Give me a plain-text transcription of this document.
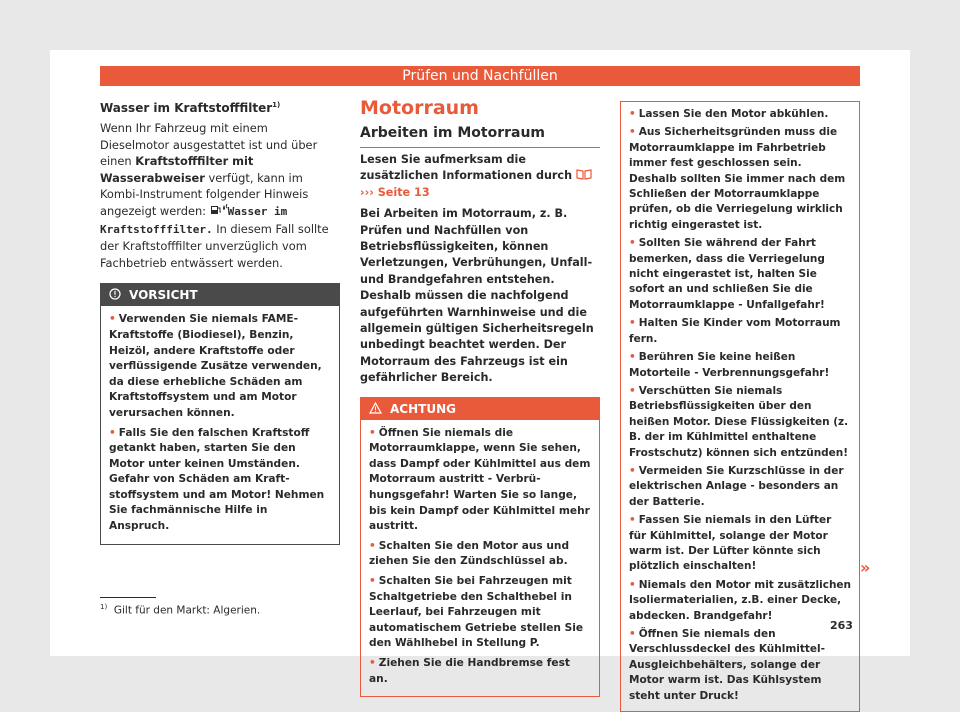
Prüfen und Nachfüllen

Wasser im Kraftstofffilter$^{1)}$

Wenn Ihr Fahrzeug mit einem Dieselmotor ausgestattet ist und über einen Kraftstofffilter mit Wasserabweiser verfügt, kann im Kombi-Instrument folgender Hinweis angezeigt werden: Wasser im Kraftstofffilter. In diesem Fall sollte der Kraftstofffilter unverzüglich vom Fachbetrieb entwässert werden.

VORSICHT

• Verwenden Sie niemals FAME-Kraftstoffe (Biodiesel), Benzin, Heizöl, andere Kraftstoffe oder verflüssigende Zusätze verwenden, da diese erhebliche Schäden am Kraftstoffsystem und am Motor verursachen können.

• Falls Sie den falschen Kraftstoff getankt haben, starten Sie den Motor unter keinen Umständen. Gefahr von Schäden am Kraftstoffsystem und am Motor! Nehmen Sie fachmännische Hilfe in Anspruch.

Motorraum
Arbeiten im Motorraum

Lesen Sie aufmerksam die zusätzlichen Informationen durch  ››› Seite 13

Bei Arbeiten im Motorraum, z. B. Prüfen und Nachfüllen von Betriebsflüssigkeiten, können Verletzungen, Verbrühungen, Unfall- und Brandgefahren entstehen. Deshalb müssen die nachfolgend aufgeführten Warnhinweise und die allgemein gültigen Sicherheitsregeln unbedingt beachtet werden. Der Motorraum des Fahrzeugs ist ein gefährlicher Bereich.

ACHTUNG

• Öffnen Sie niemals die Motorraumklappe, wenn Sie sehen, dass Dampf oder Kühlmittel aus dem Motorraum austritt - Verbrühungsgefahr! Warten Sie so lange, bis kein Dampf oder Kühlmittel mehr austritt.

• Schalten Sie den Motor aus und ziehen Sie den Zündschlüssel ab.

• Schalten Sie bei Fahrzeugen mit Schaltgetriebe den Schalthebel in Leerlauf, bei Fahrzeugen mit automatischem Getriebe stellen Sie den Wählhebel in Stellung P.

• Ziehen Sie die Handbremse fest an.

• Lassen Sie den Motor abkühlen.

• Aus Sicherheitsgründen muss die Motorraumklappe im Fahrbetrieb immer fest geschlossen sein. Deshalb sollten Sie immer nach dem Schließen der Motorraumklappe prüfen, ob die Verriegelung wirklich richtig eingerastet ist.

• Sollten Sie während der Fahrt bemerken, dass die Verriegelung nicht eingerastet ist, halten Sie sofort an und schließen Sie die Motorraumklappe - Unfallgefahr!

• Halten Sie Kinder vom Motorraum fern.

• Berühren Sie keine heißen Motorteile - Verbrennungsgefahr!

• Verschütten Sie niemals Betriebsflüssigkeiten über den heißen Motor. Diese Flüssigkeiten (z. B. der im Kühlmittel enthaltene Frostschutz) können sich entzünden!

• Vermeiden Sie Kurzschlüsse in der elektrischen Anlage - besonders an der Batterie.

• Fassen Sie niemals in den Lüfter für Kühlmittel, solange der Motor warm ist. Der Lüfter könnte sich plötzlich einschalten!

• Niemals den Motor mit zusätzlichen Isoliermaterialien, z.B. einer Decke, abdecken. Brandgefahr!

• Öffnen Sie niemals den Verschlussdeckel des Kühlmittel-Ausgleichbehälters, solange der Motor warm ist. Das Kühlsystem steht unter Druck!

»
$^{1)}$ Gilt für den Markt: Algerien.
263
